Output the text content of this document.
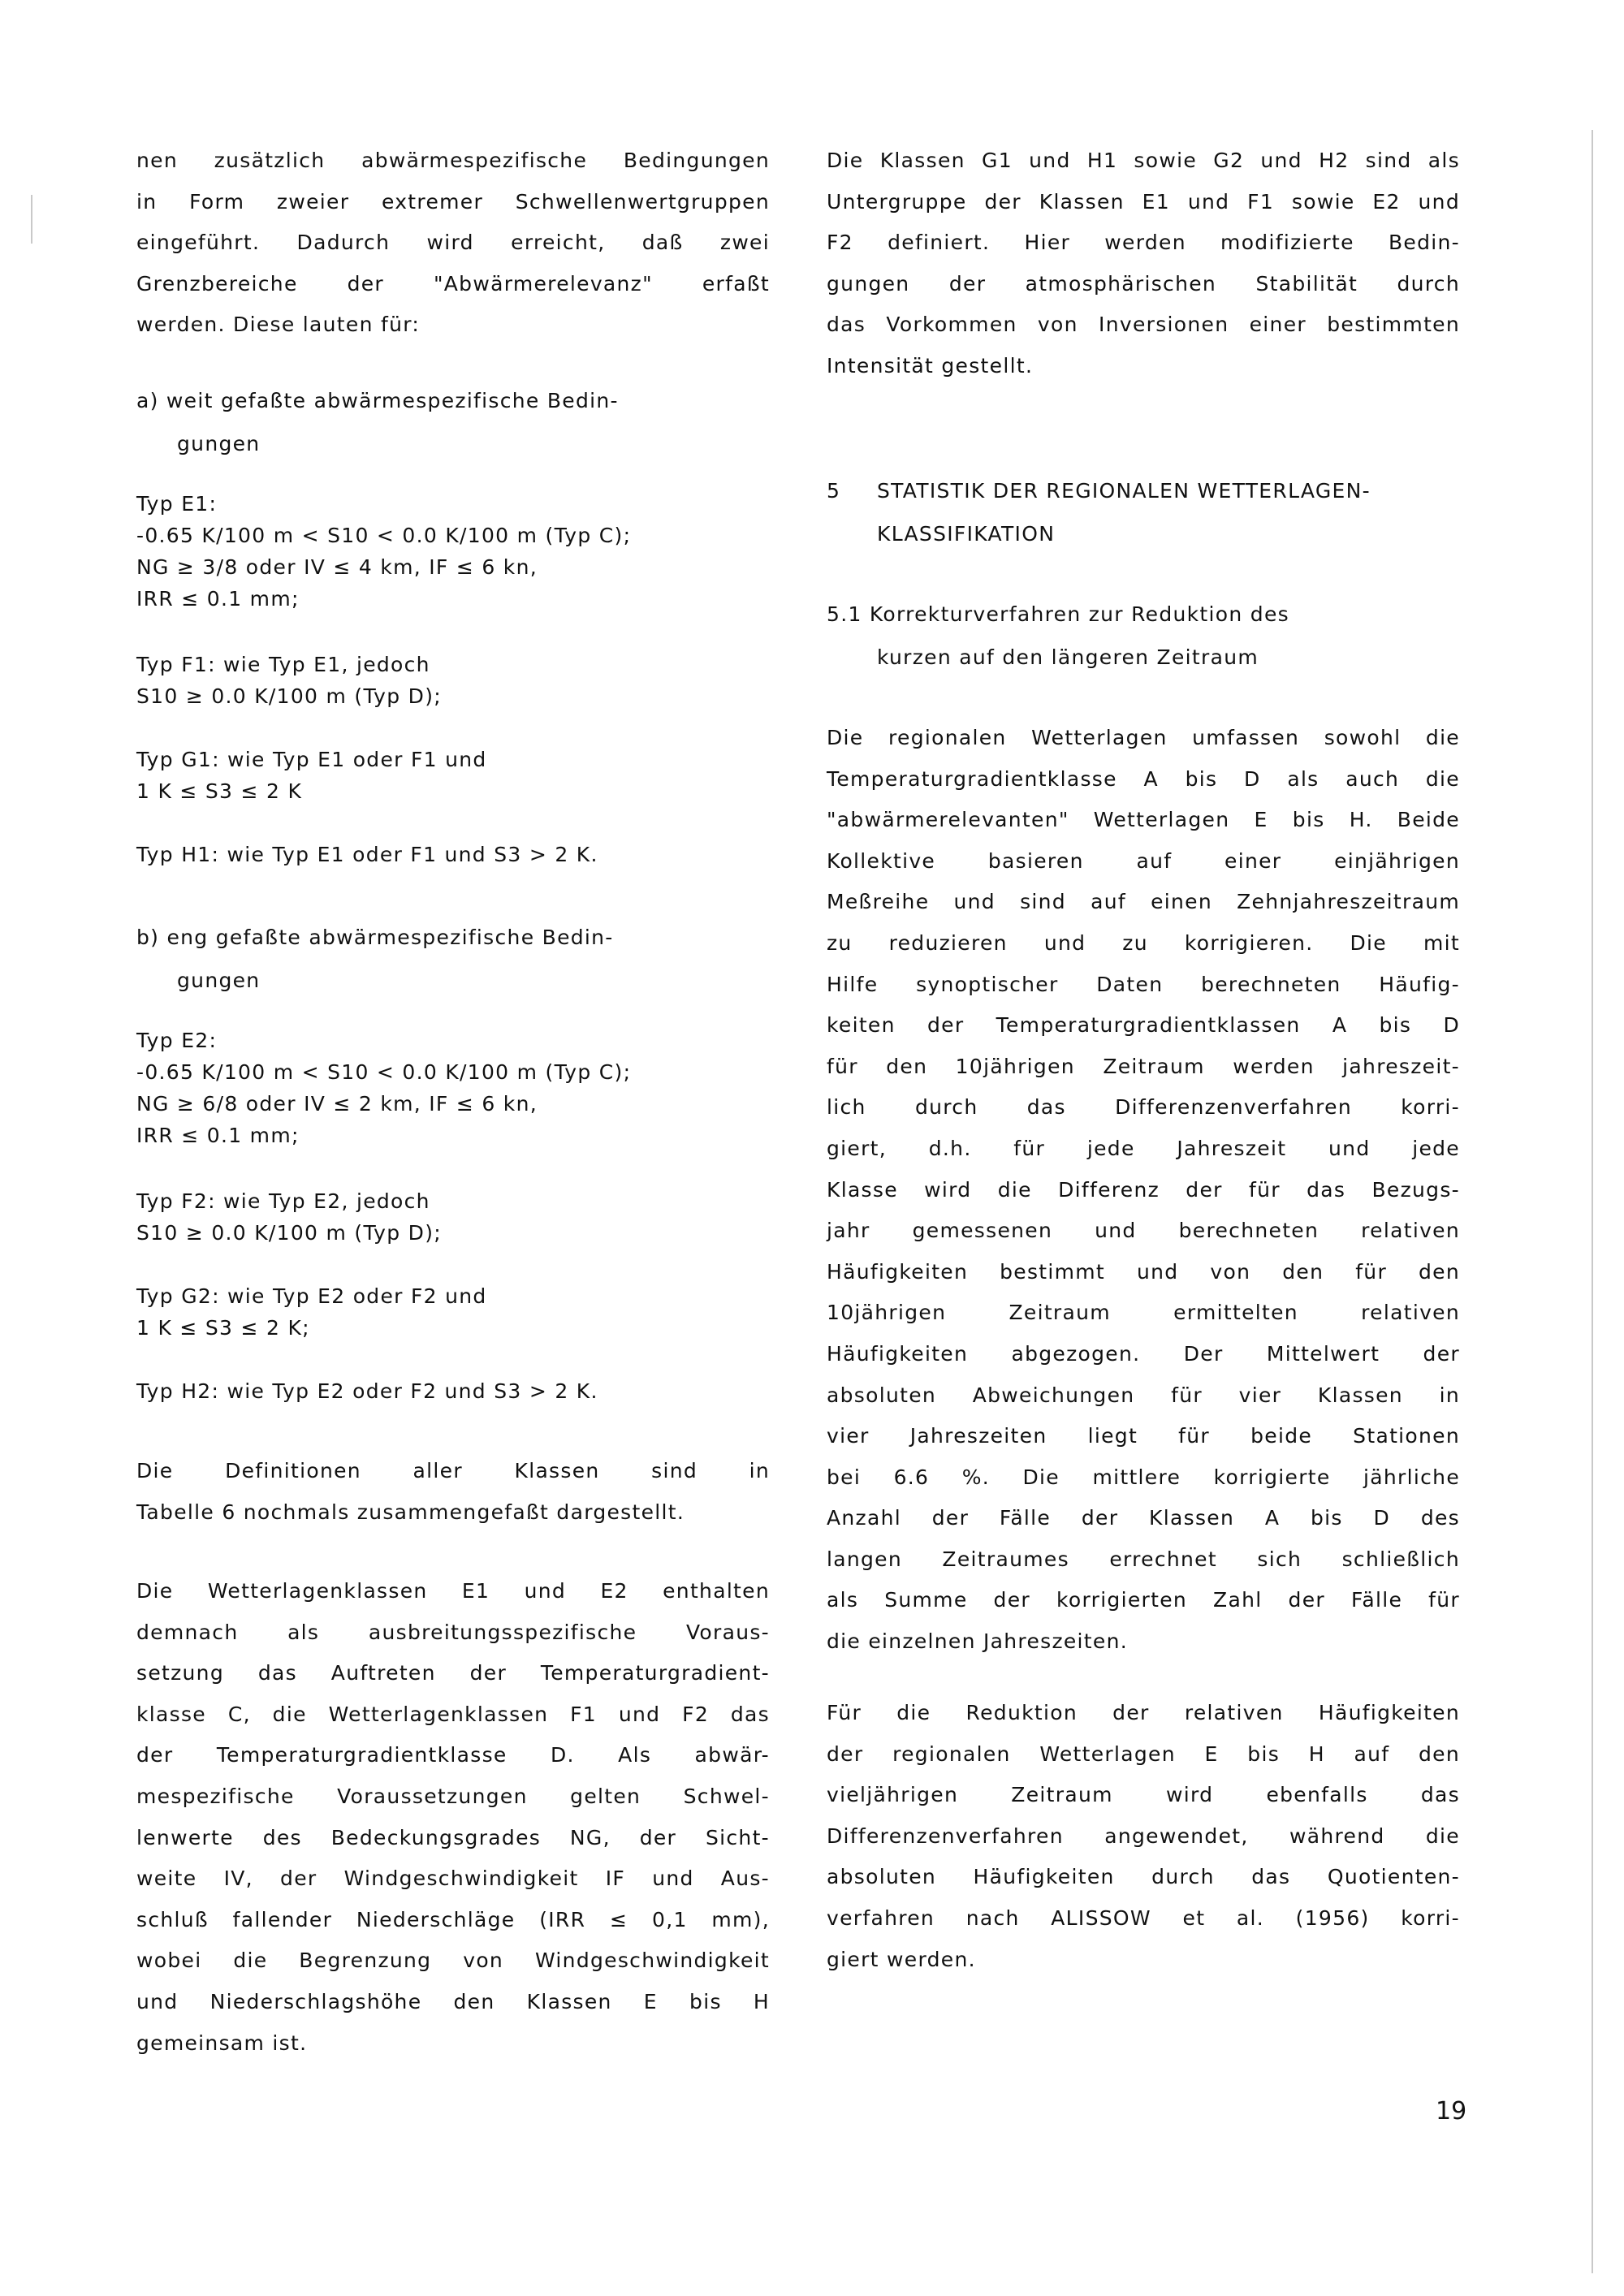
nen zusätzlich abwärmespezifische Bedingungen
in Form zweier extremer Schwellenwertgruppen
eingeführt. Dadurch wird erreicht, daß zwei
Grenzbereiche der "Abwärmerelevanz" erfaßt
werden. Diese lauten für:
a) weit gefaßte abwärmespezifische Bedin-
gungen
Typ E1:
-0.65 K/100 m < S10 < 0.0 K/100 m (Typ C);
NG ≥ 3/8 oder IV ≤ 4 km, IF ≤ 6 kn,
IRR ≤ 0.1 mm;
Typ F1: wie Typ E1, jedoch
S10 ≥ 0.0 K/100 m (Typ D);
Typ G1: wie Typ E1 oder F1 und
1 K ≤ S3 ≤ 2 K
Typ H1: wie Typ E1 oder F1 und S3 > 2 K.
b) eng gefaßte abwärmespezifische Bedin-
gungen
Typ E2:
-0.65 K/100 m < S10 < 0.0 K/100 m (Typ C);
NG ≥ 6/8 oder IV ≤ 2 km, IF ≤ 6 kn,
IRR ≤ 0.1 mm;
Typ F2: wie Typ E2, jedoch
S10 ≥ 0.0 K/100 m (Typ D);
Typ G2: wie Typ E2 oder F2 und
1 K ≤ S3 ≤ 2 K;
Typ H2: wie Typ E2 oder F2 und S3 > 2 K.
Die Definitionen aller Klassen sind in
Tabelle 6 nochmals zusammengefaßt dargestellt.
Die Wetterlagenklassen E1 und E2 enthalten
demnach als ausbreitungsspezifische Voraus-
setzung das Auftreten der Temperaturgradient-
klasse C, die Wetterlagenklassen F1 und F2 das
der Temperaturgradientklasse D. Als abwär-
mespezifische Voraussetzungen gelten Schwel-
lenwerte des Bedeckungsgrades NG, der Sicht-
weite IV, der Windgeschwindigkeit IF und Aus-
schluß fallender Niederschläge (IRR ≤ 0,1 mm),
wobei die Begrenzung von Windgeschwindigkeit
und Niederschlagshöhe den Klassen E bis H
gemeinsam ist.
Die Klassen G1 und H1 sowie G2 und H2 sind als
Untergruppe der Klassen E1 und F1 sowie E2 und
F2 definiert. Hier werden modifizierte Bedin-
gungen der atmosphärischen Stabilität durch
das Vorkommen von Inversionen einer bestimmten
Intensität gestellt.
5 STATISTIK DER REGIONALEN WETTERLAGEN-
KLASSIFIKATION
5.1 Korrekturverfahren zur Reduktion des
kurzen auf den längeren Zeitraum
Die regionalen Wetterlagen umfassen sowohl die
Temperaturgradientklasse A bis D als auch die
"abwärmerelevanten" Wetterlagen E bis H. Beide
Kollektive basieren auf einer einjährigen
Meßreihe und sind auf einen Zehnjahreszeitraum
zu reduzieren und zu korrigieren. Die mit
Hilfe synoptischer Daten berechneten Häufig-
keiten der Temperaturgradientklassen A bis D
für den 10jährigen Zeitraum werden jahreszeit-
lich durch das Differenzenverfahren korri-
giert, d.h. für jede Jahreszeit und jede
Klasse wird die Differenz der für das Bezugs-
jahr gemessenen und berechneten relativen
Häufigkeiten bestimmt und von den für den
10jährigen Zeitraum ermittelten relativen
Häufigkeiten abgezogen. Der Mittelwert der
absoluten Abweichungen für vier Klassen in
vier Jahreszeiten liegt für beide Stationen
bei 6.6 %. Die mittlere korrigierte jährliche
Anzahl der Fälle der Klassen A bis D des
langen Zeitraumes errechnet sich schließlich
als Summe der korrigierten Zahl der Fälle für
die einzelnen Jahreszeiten.
Für die Reduktion der relativen Häufigkeiten
der regionalen Wetterlagen E bis H auf den
vieljährigen Zeitraum wird ebenfalls das
Differenzenverfahren angewendet, während die
absoluten Häufigkeiten durch das Quotienten-
verfahren nach ALISSOW et al. (1956) korri-
giert werden.
19
